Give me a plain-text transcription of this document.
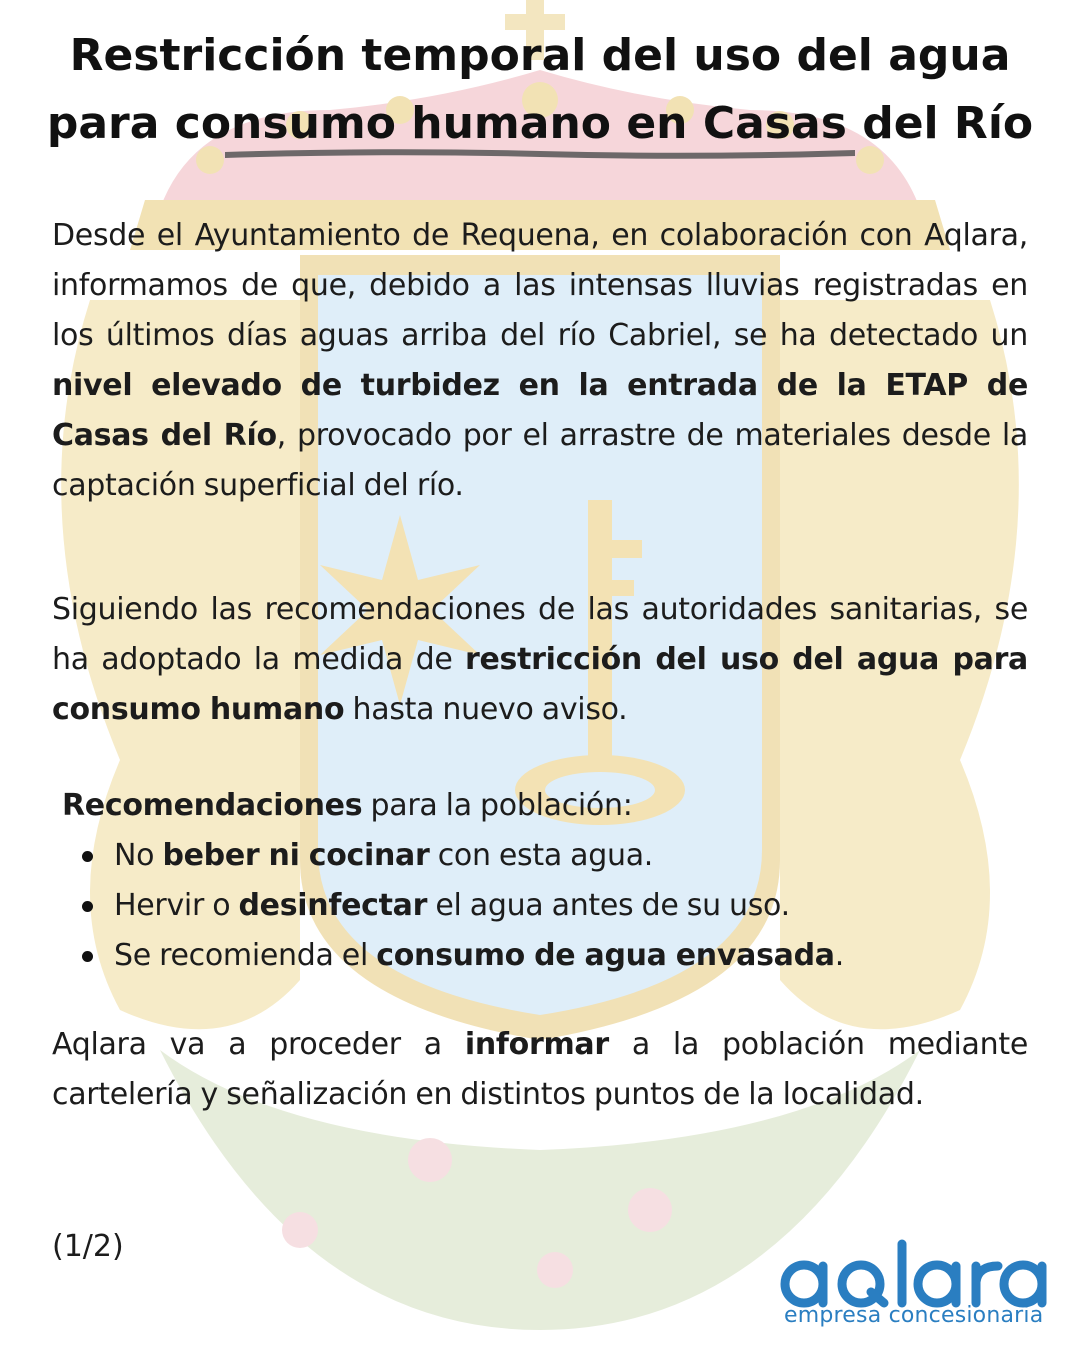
Restricción temporal del uso del agua
para consumo humano en Casas del Río

Desde el Ayuntamiento de Requena, en colaboración con Aqlara, informamos de que, debido a las intensas lluvias registradas en los últimos días aguas arriba del río Cabriel, se ha detectado un nivel elevado de turbidez en la entrada de la ETAP de Casas del Río, provocado por el arrastre de materiales desde la captación superficial del río.

Siguiendo las recomendaciones de las autoridades sanitarias, se ha adoptado la medida de restricción del uso del agua para consumo humano hasta nuevo aviso.

Recomendaciones para la población:

No beber ni cocinar con esta agua.
Hervir o desinfectar el agua antes de su uso.
Se recomienda el consumo de agua envasada.

Aqlara va a proceder a informar a la población mediante cartelería y señalización en distintos puntos de la localidad.

(1/2)

empresa concesionaria
